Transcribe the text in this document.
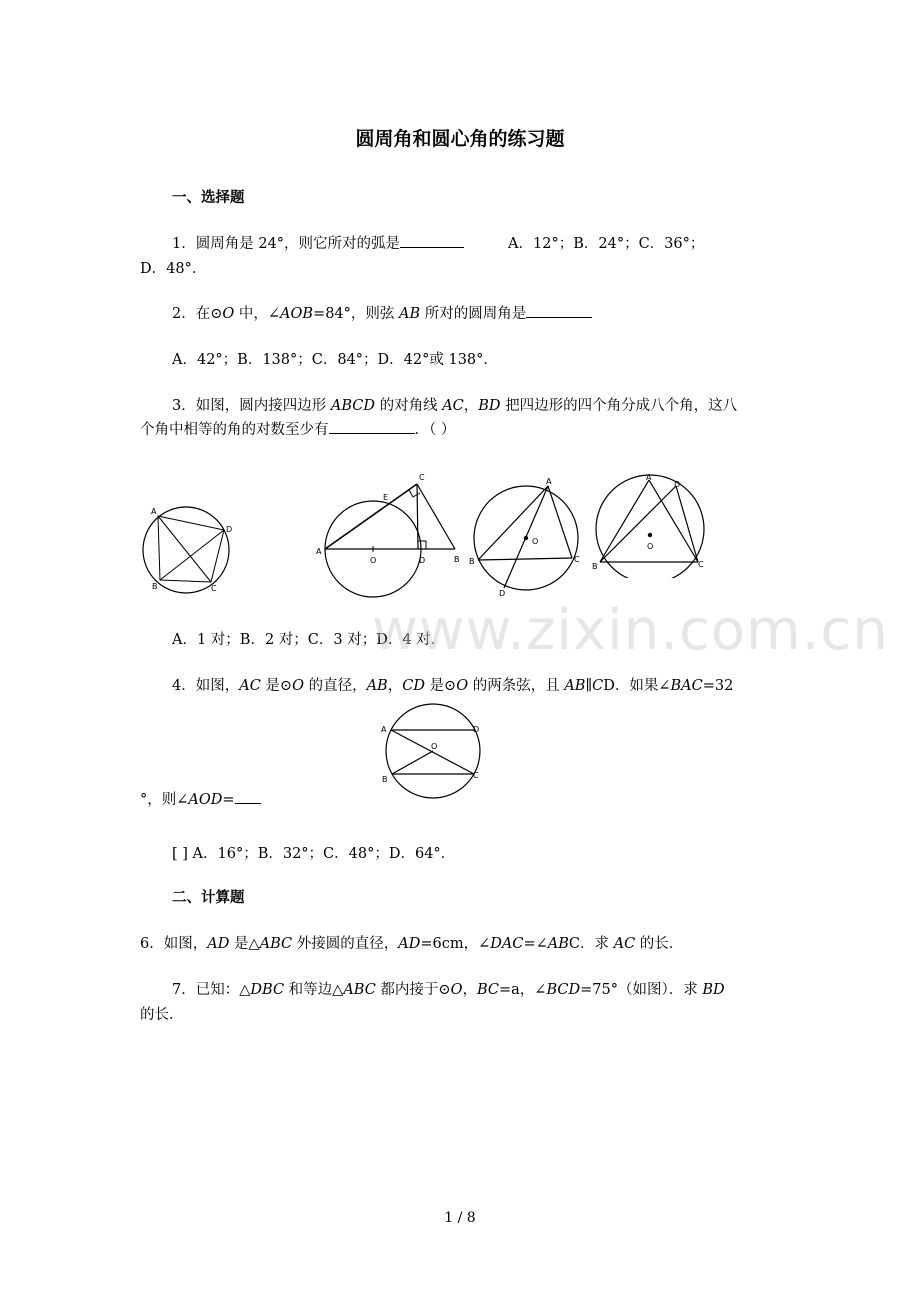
圆周角和圆心角的练习题
一、选择题
1．圆周角是 24°，则它所对的弧是	A．12°；B．24°；C．36°；
D．48°．
2．在⊙O 中，∠AOB=84°，则弦 AB 所对的圆周角是
A．42°；B．138°；C．84°；D．42°或 138°．
3．如图，圆内接四边形 ABCD 的对角线 AC，BD 把四边形的四个角分成八个角，这八
个角中相等的角的对数至少有	．（ ）
A
D
B	C
A
O	D	B
E
C	A
O
B	C
D
A
B
O
D
C
A．1 对；B．2 对；C．3 对；D．4 对．
www.zixin.com.cn
4．如图，AC 是⊙O 的直径，AB，CD 是⊙O 的两条弦，且 AB∥CD．如果∠BAC=32
A	D
O
B	C
°，则∠AOD=
[ ] A．16°；B．32°；C．48°；D．64°．
二、计算题
6．如图，AD 是△ABC 外接圆的直径，AD=6cm，∠DAC=∠ABC．求 AC 的长．
7．已知：△DBC 和等边△ABC 都内接于⊙O，BC=a，∠BCD=75°（如图）．求 BD
的长．
1 / 8
